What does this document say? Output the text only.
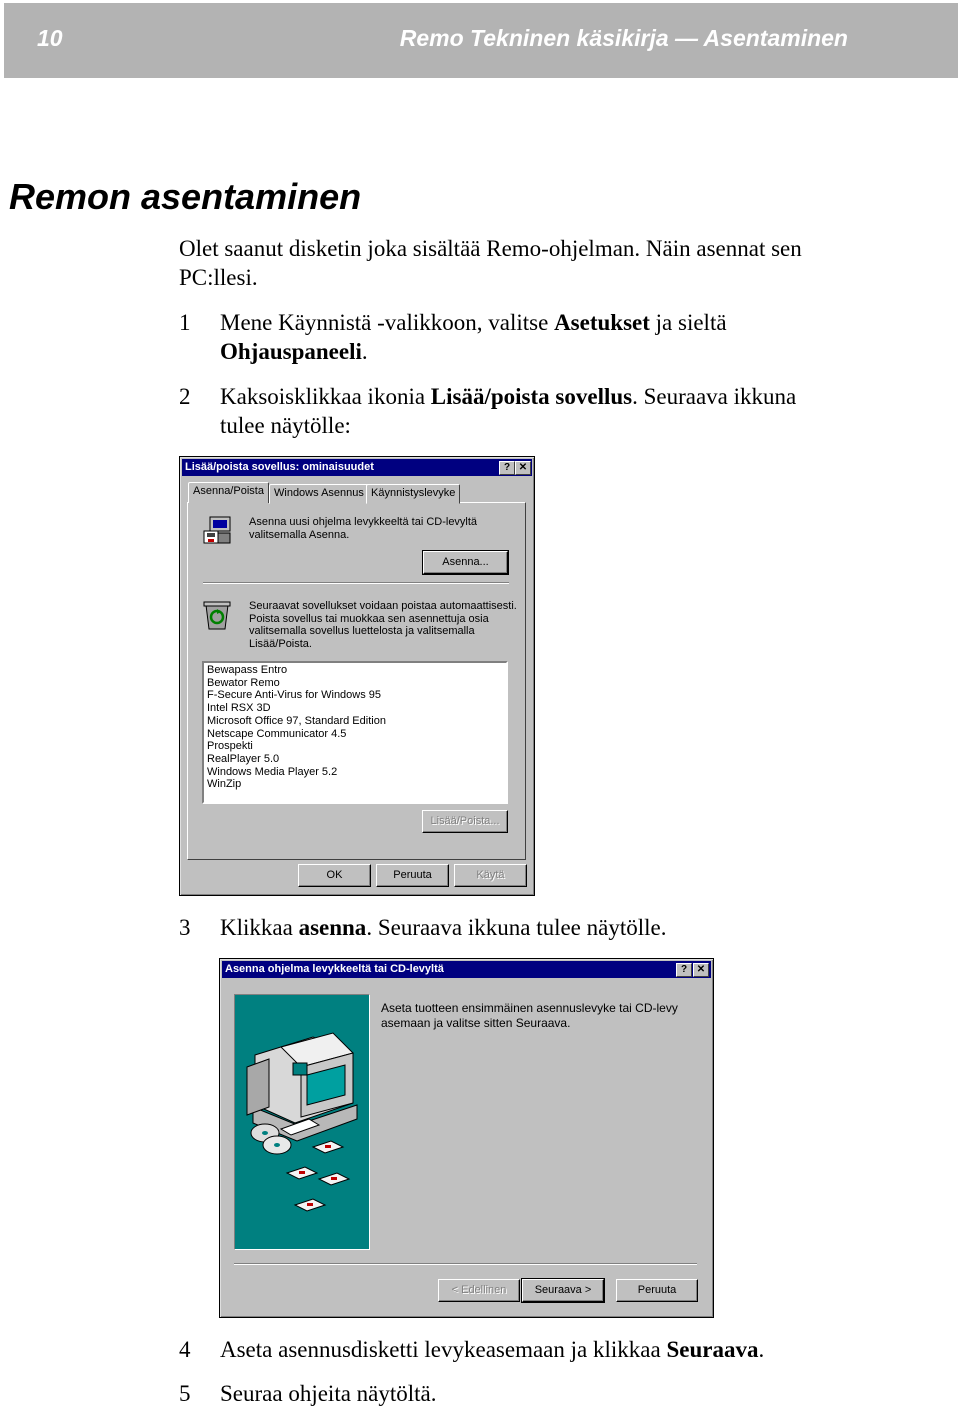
10	Remo Tekninen käsikirja — Asentaminen
Remon asentaminen
Olet saanut disketin joka sisältää Remo-ohjelman. Näin asennat sen
PC:llesi.
1 Mene Käynnistä -valikkoon, valitse Asetukset ja sieltä
Ohjauspaneeli.
2 Kaksoisklikkaa ikonia Lisää/poista sovellus. Seuraava ikkuna
tulee näytölle:
Lisää/poista sovellus: ominaisuudet	? ✕
Asenna/Poista Windows Asennus Käynnistyslevyke
Asenna uusi ohjelma levykkeeltä tai CD-levyltä
valitsemalla Asenna.
Asenna...
Seuraavat sovellukset voidaan poistaa automaattisesti.
Poista sovellus tai muokkaa sen asennettuja osia
valitsemalla sovellus luettelosta ja valitsemalla
Lisää/Poista.
Bewapass Entro
Bewator Remo
F-Secure Anti-Virus for Windows 95
Intel RSX 3D
Microsoft Office 97, Standard Edition
Netscape Communicator 4.5
Prospekti
RealPlayer 5.0
Windows Media Player 5.2
WinZip
Lisää/Poista...
OK	Peruuta	Käytä
3 Klikkaa asenna. Seuraava ikkuna tulee näytölle.
Asenna ohjelma levykkeeltä tai CD-levyltä	? ✕
Aseta tuotteen ensimmäinen asennuslevyke tai CD-levy
asemaan ja valitse sitten Seuraava.
< Edellinen	Seuraava >	Peruuta
4 Aseta asennusdisketti levykeasemaan ja klikkaa Seuraava.
5 Seuraa ohjeita näytöltä.
